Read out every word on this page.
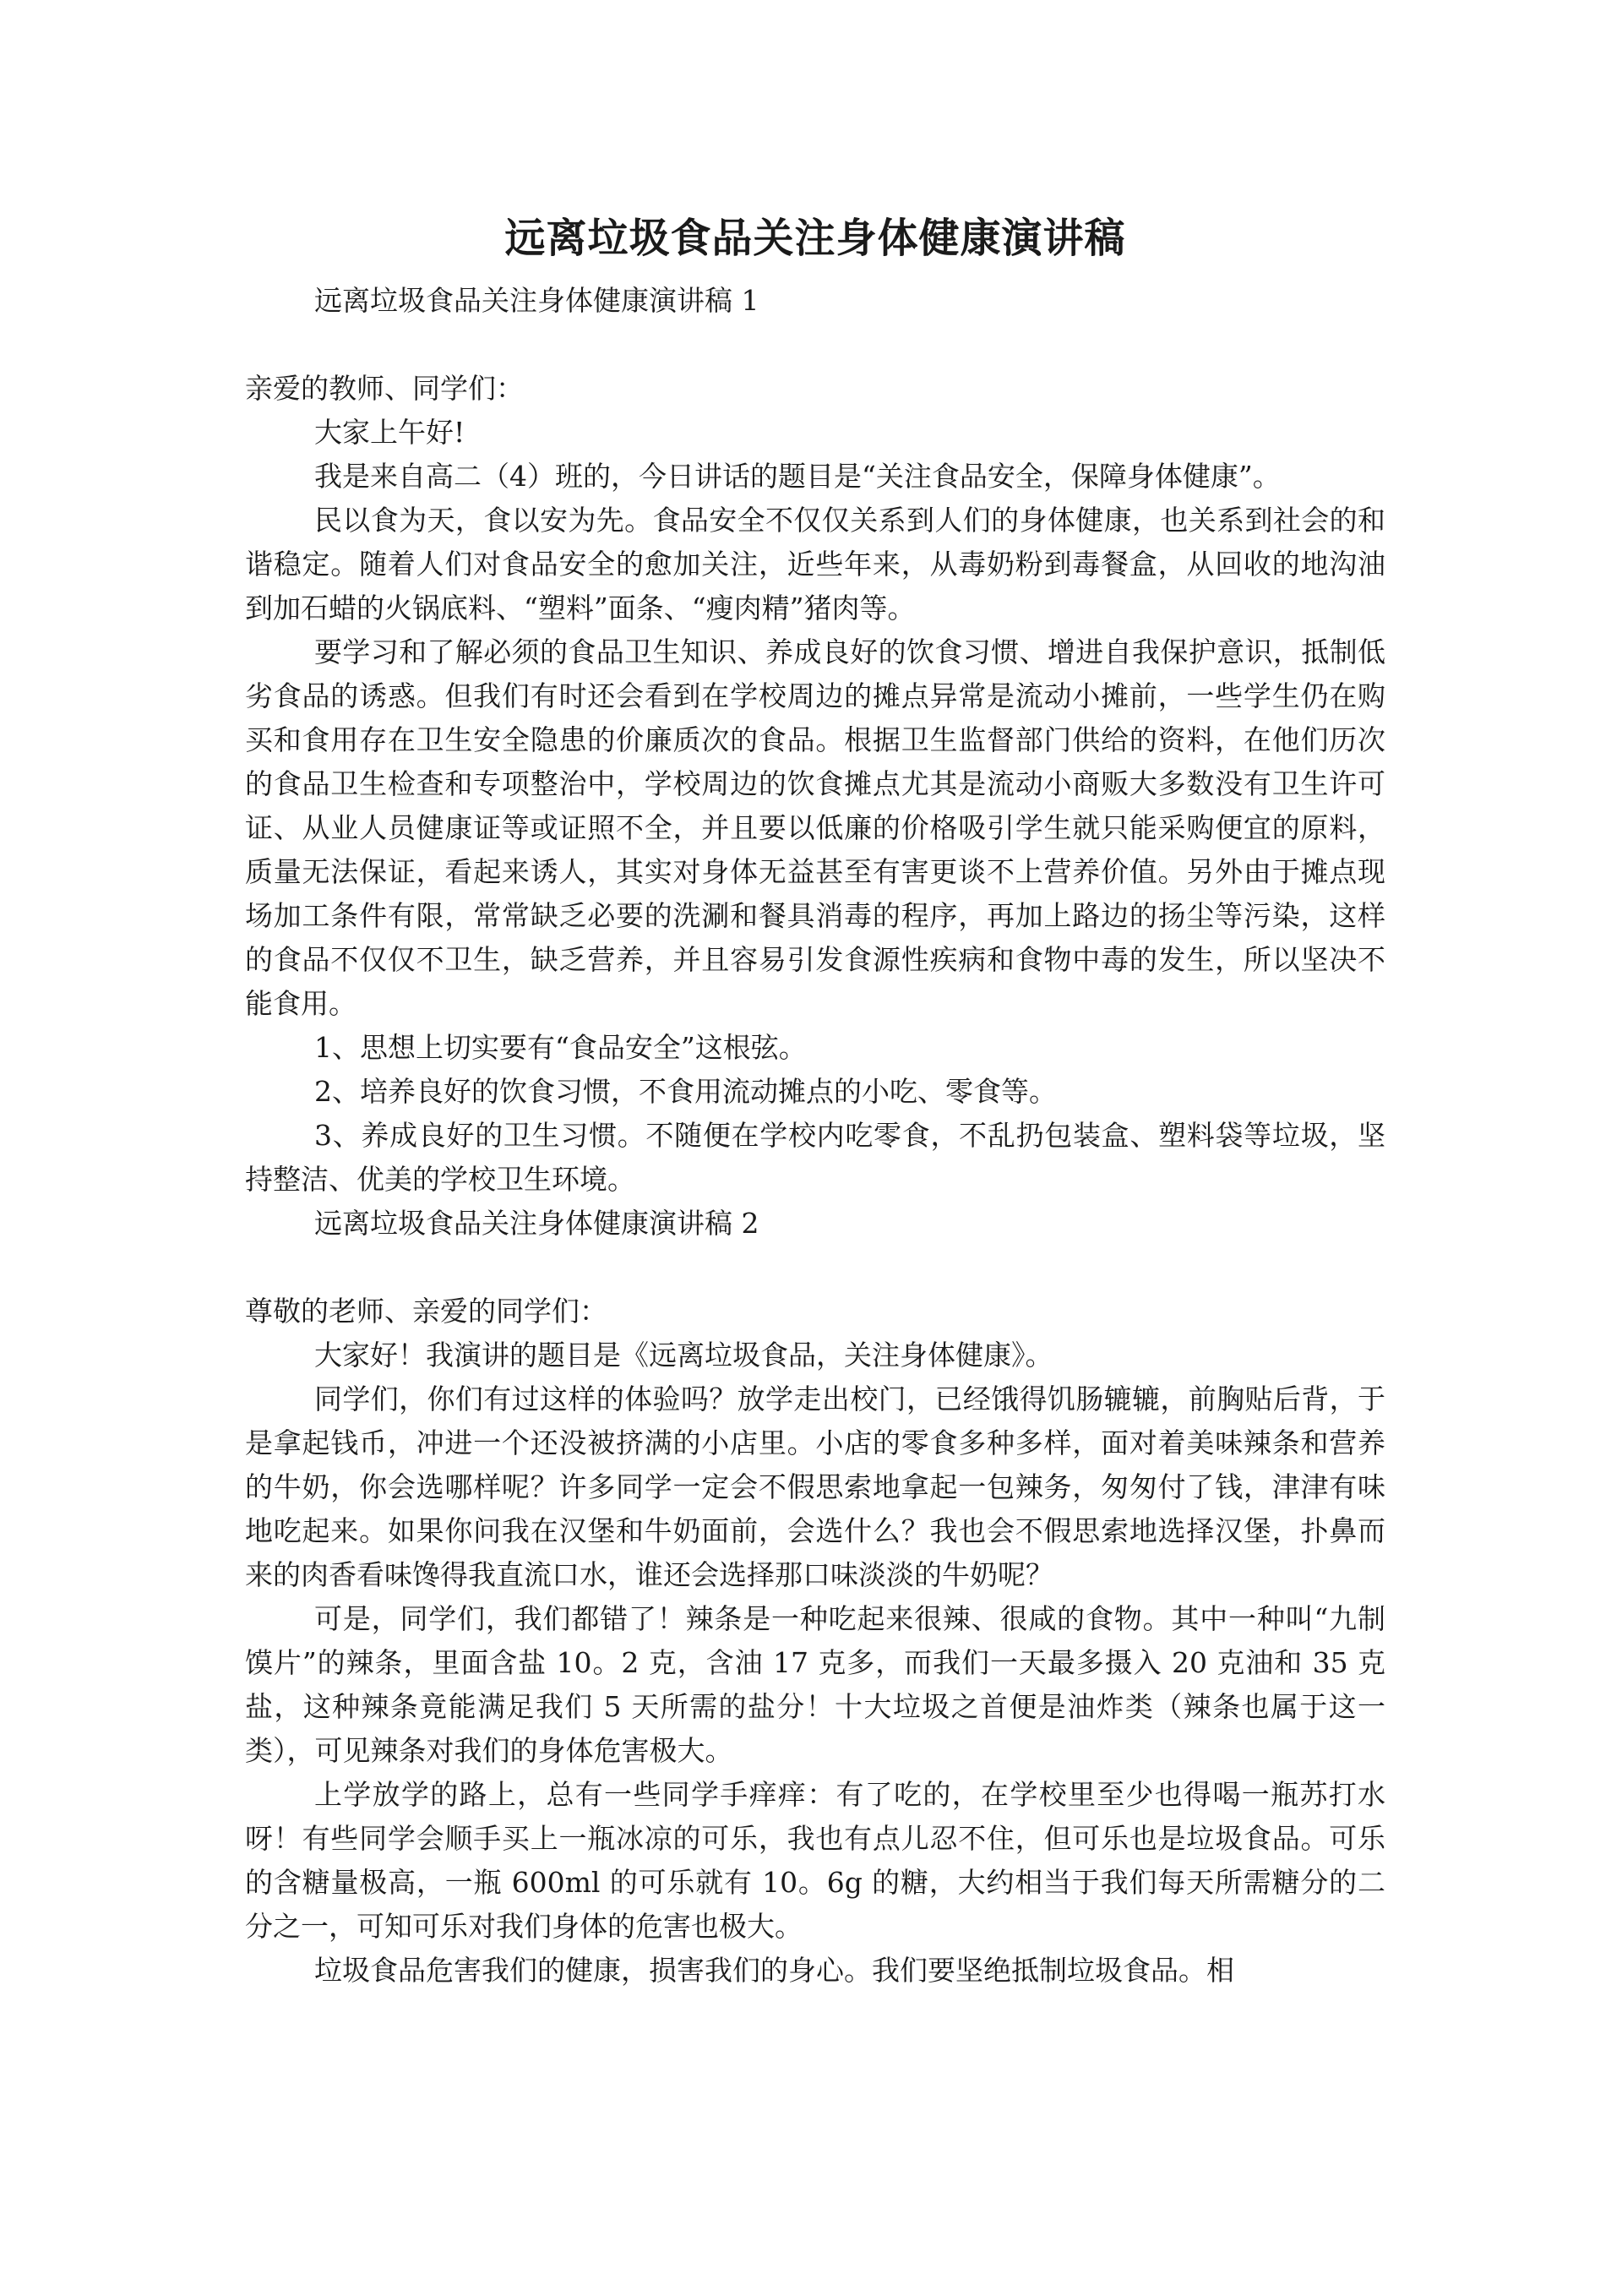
远离垃圾食品关注身体健康演讲稿

远离垃圾食品关注身体健康演讲稿 1

亲爱的教师、同学们：

大家上午好!

我是来自高二（4）班的，今日讲话的题目是“关注食品安全，保障身体健康”。

民以食为天，食以安为先。食品安全不仅仅关系到人们的身体健康，也关系到社会的和谐稳定。随着人们对食品安全的愈加关注，近些年来，从毒奶粉到毒餐盒，从回收的地沟油到加石蜡的火锅底料、“塑料”面条、“瘦肉精”猪肉等。

要学习和了解必须的食品卫生知识、养成良好的饮食习惯、增进自我保护意识，抵制低劣食品的诱惑。但我们有时还会看到在学校周边的摊点异常是流动小摊前，一些学生仍在购买和食用存在卫生安全隐患的价廉质次的食品。根据卫生监督部门供给的资料，在他们历次的食品卫生检查和专项整治中，学校周边的饮食摊点尤其是流动小商贩大多数没有卫生许可证、从业人员健康证等或证照不全，并且要以低廉的价格吸引学生就只能采购便宜的原料，质量无法保证，看起来诱人，其实对身体无益甚至有害更谈不上营养价值。另外由于摊点现场加工条件有限，常常缺乏必要的洗涮和餐具消毒的程序，再加上路边的扬尘等污染，这样的食品不仅仅不卫生，缺乏营养，并且容易引发食源性疾病和食物中毒的发生，所以坚决不能食用。

1、思想上切实要有“食品安全”这根弦。

2、培养良好的饮食习惯，不食用流动摊点的小吃、零食等。

3、养成良好的卫生习惯。不随便在学校内吃零食，不乱扔包装盒、塑料袋等垃圾，坚持整洁、优美的学校卫生环境。

远离垃圾食品关注身体健康演讲稿 2

尊敬的老师、亲爱的同学们：

大家好！我演讲的题目是《远离垃圾食品，关注身体健康》。

同学们，你们有过这样的体验吗？放学走出校门，已经饿得饥肠辘辘，前胸贴后背，于是拿起钱币，冲进一个还没被挤满的小店里。小店的零食多种多样，面对着美味辣条和营养的牛奶，你会选哪样呢？许多同学一定会不假思索地拿起一包辣务，匆匆付了钱，津津有味地吃起来。如果你问我在汉堡和牛奶面前，会选什么？我也会不假思索地选择汉堡，扑鼻而来的肉香看味馋得我直流口水，谁还会选择那口味淡淡的牛奶呢？

可是，同学们，我们都错了！辣条是一种吃起来很辣、很咸的食物。其中一种叫“九制馍片”的辣条，里面含盐 10。2 克，含油 17 克多，而我们一天最多摄入 20 克油和 35 克盐，这种辣条竟能满足我们 5 天所需的盐分！十大垃圾之首便是油炸类（辣条也属于这一类），可见辣条对我们的身体危害极大。

上学放学的路上，总有一些同学手痒痒：有了吃的，在学校里至少也得喝一瓶苏打水呀！有些同学会顺手买上一瓶冰凉的可乐，我也有点儿忍不住，但可乐也是垃圾食品。可乐的含糖量极高，一瓶 600ml 的可乐就有 10。6g 的糖，大约相当于我们每天所需糖分的二分之一，可知可乐对我们身体的危害也极大。

垃圾食品危害我们的健康，损害我们的身心。我们要坚绝抵制垃圾食品。相
